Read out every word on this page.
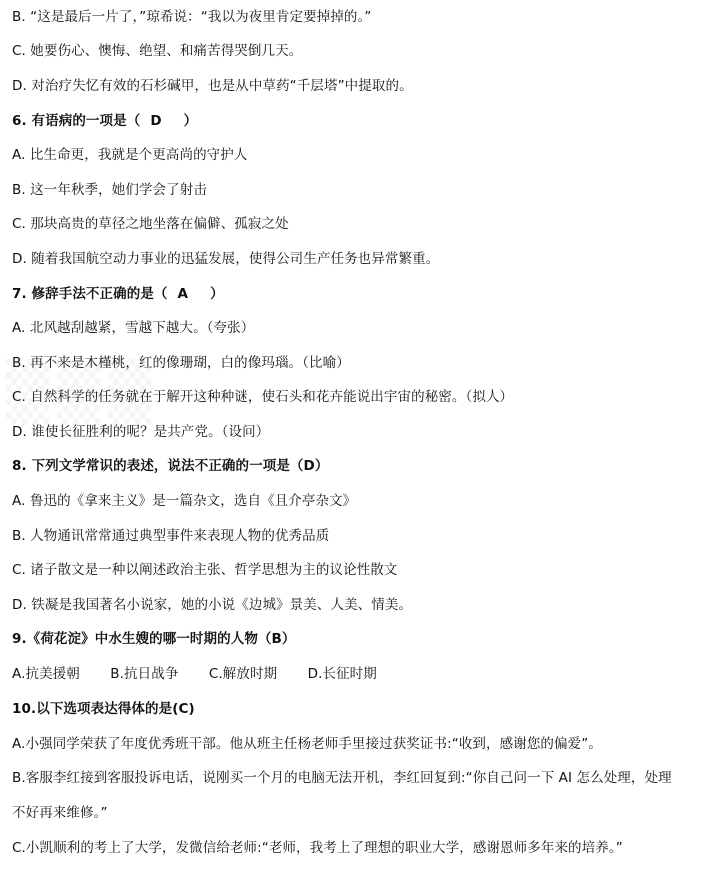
B. “这是最后一片了，”琼希说：“我以为夜里肯定要掉掉的。”
C. 她要伤心、懊悔、绝望、和痛苦得哭倒几天。
D. 对治疗失忆有效的石杉碱甲，也是从中草药“千层塔”中提取的。
6. 有语病的一项是（ D ）
A. 比生命更，我就是个更高尚的守护人
B. 这一年秋季，她们学会了射击
C. 那块高贵的草径之地坐落在偏僻、孤寂之处
D. 随着我国航空动力事业的迅猛发展，使得公司生产任务也异常繁重。
7. 修辞手法不正确的是（ A ）
A. 北风越刮越紧，雪越下越大。（夸张）
B. 再不来是木槿桃，红的像珊瑚，白的像玛瑙。（比喻）
C. 自然科学的任务就在于解开这种种谜，使石头和花卉能说出宇宙的秘密。（拟人）
D. 谁使长征胜利的呢？是共产党。（设问）
8. 下列文学常识的表述，说法不正确的一项是（D）
A. 鲁迅的《拿来主义》是一篇杂文，选自《且介亭杂文》
B. 人物通讯常常通过典型事件来表现人物的优秀品质
C. 诸子散文是一种以阐述政治主张、哲学思想为主的议论性散文
D. 铁凝是我国著名小说家，她的小说《边城》景美、人美、情美。
9.《荷花淀》中水生嫂的哪一时期的人物（B）
A.抗美援朝 B.抗日战争 C.解放时期 D.长征时期
10.以下选项表达得体的是(C)
A.小强同学荣获了年度优秀班干部。他从班主任杨老师手里接过获奖证书:“收到，感谢您的偏爱”。
B.客服李红接到客服投诉电话，说刚买一个月的电脑无法开机，李红回复到:“你自己问一下 AI 怎么处理，处理
不好再来维修。”
C.小凯顺利的考上了大学，发微信给老师:“老师，我考上了理想的职业大学，感谢恩师多年来的培养。”
